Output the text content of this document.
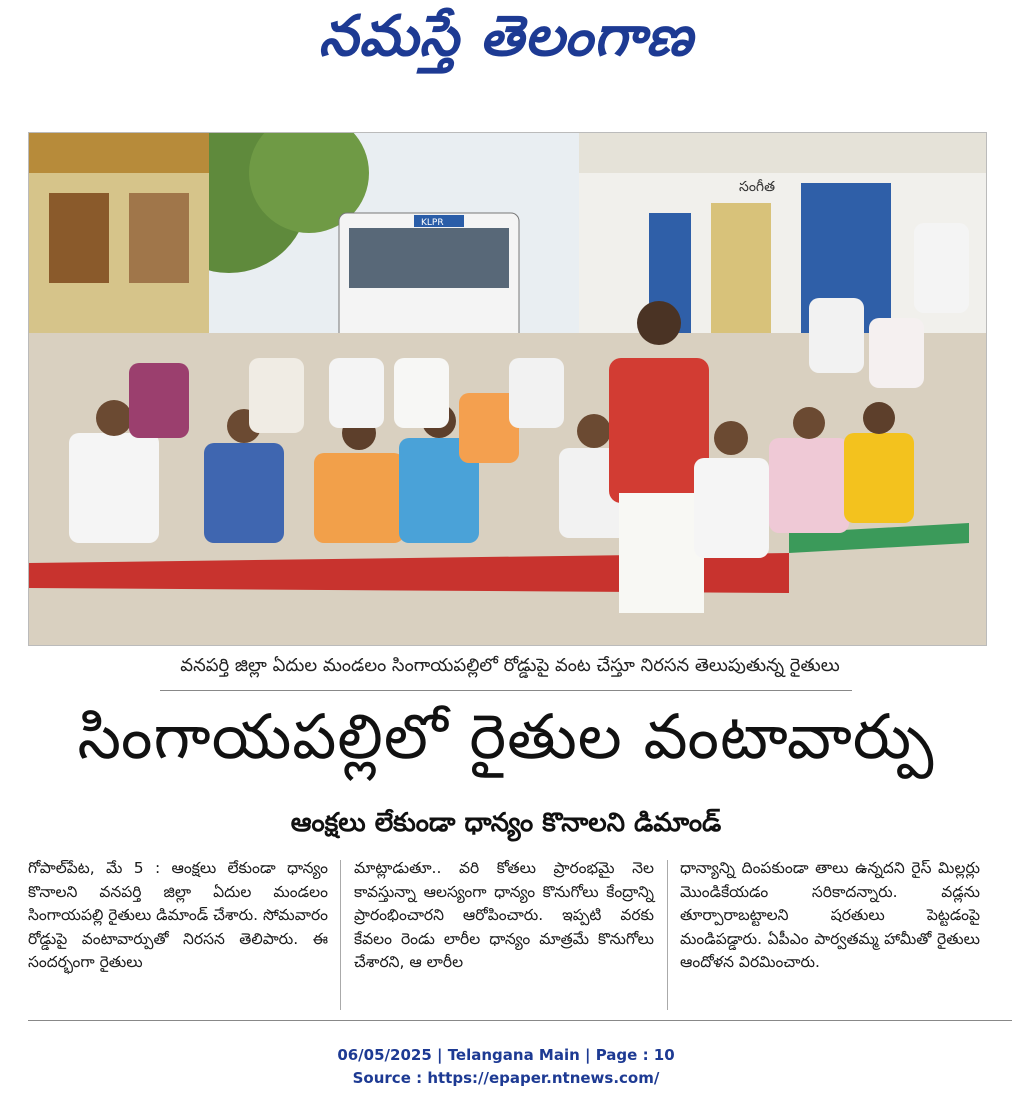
నమస్తే తెలంగాణ
సంగీత
KLPR
వనపర్తి జిల్లా ఏదుల మండలం సింగాయపల్లిలో రోడ్డుపై వంట చేస్తూ నిరసన తెలుపుతున్న రైతులు
సింగాయపల్లిలో రైతుల వంటావార్పు
ఆంక్షలు లేకుండా ధాన్యం కొనాలని డిమాండ్
గోపాల్‌పేట, మే 5 : ఆంక్షలు లేకుండా ధాన్యం కొనాలని వనపర్తి జిల్లా ఏదుల మండలం సింగాయపల్లి రైతులు డిమాండ్ చేశారు. సోమవారం రోడ్డుపై వంటావార్పుతో నిరసన తెలిపారు. ఈ సందర్భంగా రైతులు
మాట్లాడుతూ.. వరి కోతలు ప్రారంభమై నెల కావస్తున్నా ఆలస్యంగా ధాన్యం కొనుగోలు కేంద్రాన్ని ప్రారంభించారని ఆరోపించారు. ఇప్పటి వరకు కేవలం రెండు లారీల ధాన్యం మాత్రమే కొనుగోలు చేశారని, ఆ లారీల
ధాన్యాన్ని దింపకుండా తాలు ఉన్నదని రైస్ మిల్లర్లు మొండికేయడం సరికాదన్నారు. వడ్లను తూర్పారాబట్టాలని షరతులు పెట్టడంపై మండిపడ్డారు. ఏపీఎం పార్వతమ్మ హామీతో రైతులు ఆందోళన విరమించారు.
06/05/2025 | Telangana Main | Page : 10
Source : https://epaper.ntnews.com/
